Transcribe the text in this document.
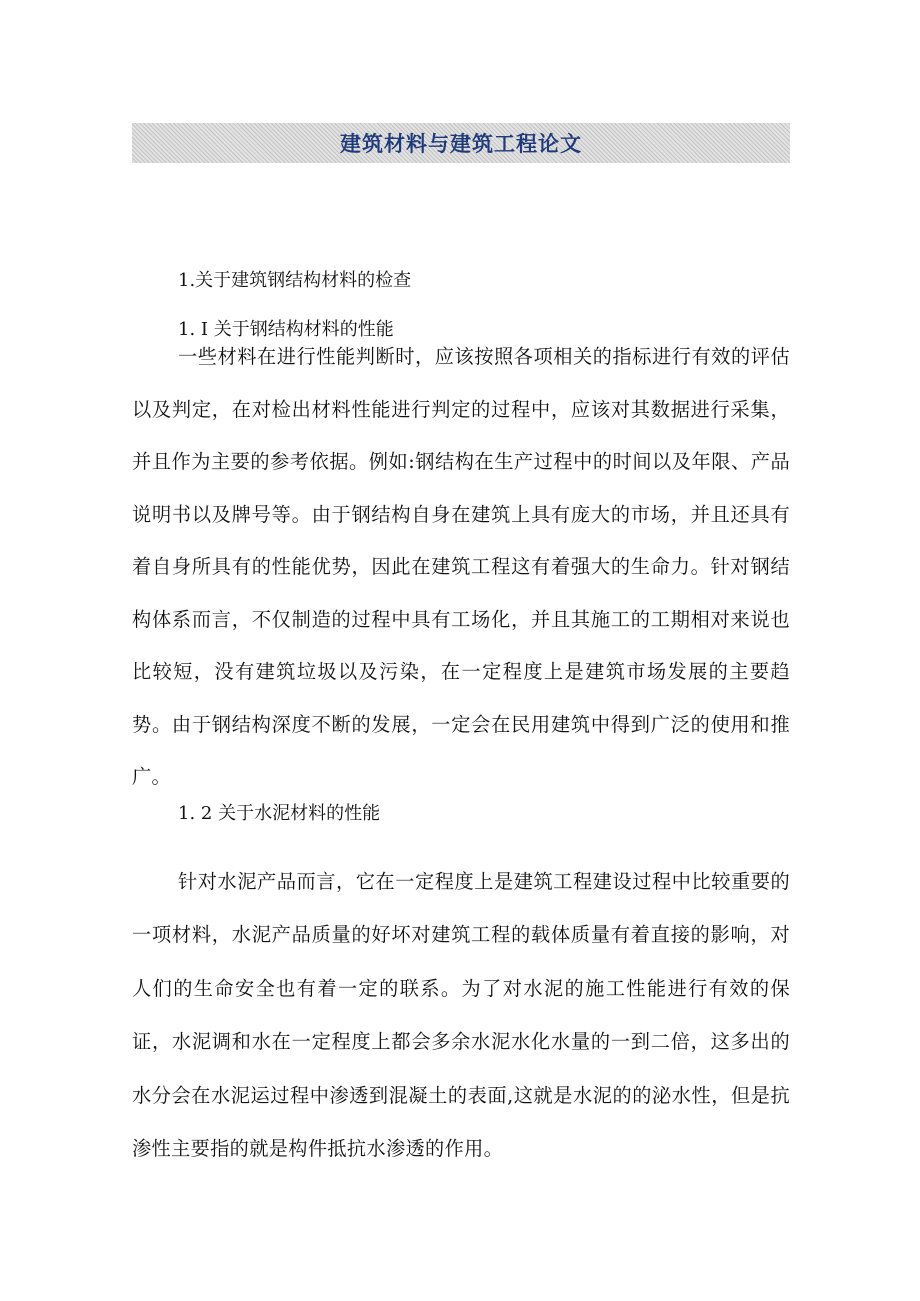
建筑材料与建筑工程论文
1.关于建筑钢结构材料的检查
1. I 关于钢结构材料的性能

一些材料在进行性能判断时，应该按照各项相关的指标进行有效的评估以及判定，在对检出材料性能进行判定的过程中，应该对其数据进行采集，并且作为主要的参考依据。例如:钢结构在生产过程中的时间以及年限、产品说明书以及牌号等。由于钢结构自身在建筑上具有庞大的市场，并且还具有着自身所具有的性能优势，因此在建筑工程这有着强大的生命力。针对钢结构体系而言，不仅制造的过程中具有工场化，并且其施工的工期相对来说也比较短，没有建筑垃圾以及污染，在一定程度上是建筑市场发展的主要趋势。由于钢结构深度不断的发展，一定会在民用建筑中得到广泛的使用和推广。

1. 2 关于水泥材料的性能

针对水泥产品而言，它在一定程度上是建筑工程建设过程中比较重要的一项材料，水泥产品质量的好坏对建筑工程的载体质量有着直接的影响，对人们的生命安全也有着一定的联系。为了对水泥的施工性能进行有效的保证，水泥调和水在一定程度上都会多余水泥水化水量的一到二倍，这多出的水分会在水泥运过程中渗透到混凝土的表面,这就是水泥的的泌水性，但是抗渗性主要指的就是构件抵抗水渗透的作用。
